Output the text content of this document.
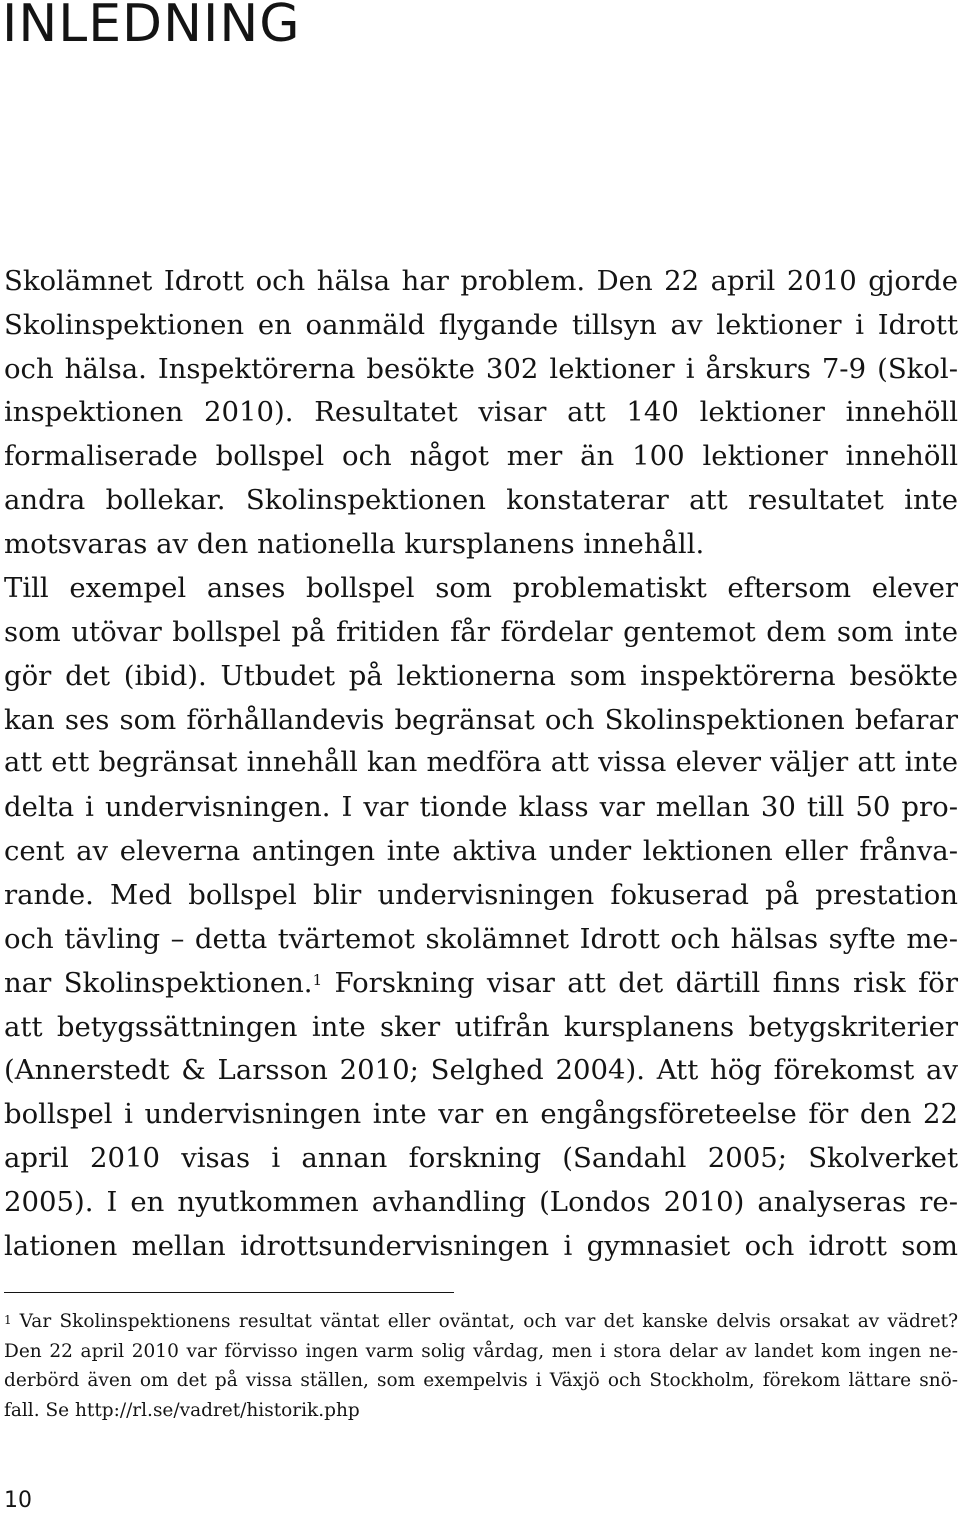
INLEDNING
Skolämnet Idrott och hälsa har problem. Den 22 april 2010 gjorde
Skolinspektionen en oanmäld flygande tillsyn av lektioner i Idrott
och hälsa. Inspektörerna besökte 302 lektioner i årskurs 7-9 (Skol-
inspektionen 2010). Resultatet visar att 140 lektioner innehöll
formaliserade bollspel och något mer än 100 lektioner innehöll
andra bollekar. Skolinspektionen konstaterar att resultatet inte
motsvaras av den nationella kursplanens innehåll.
Till exempel anses bollspel som problematiskt eftersom elever
som utövar bollspel på fritiden får fördelar gentemot dem som inte
gör det (ibid). Utbudet på lektionerna som inspektörerna besökte
kan ses som förhållandevis begränsat och Skolinspektionen befarar
att ett begränsat innehåll kan medföra att vissa elever väljer att inte
delta i undervisningen. I var tionde klass var mellan 30 till 50 pro-
cent av eleverna antingen inte aktiva under lektionen eller frånva-
rande. Med bollspel blir undervisningen fokuserad på prestation
och tävling – detta tvärtemot skolämnet Idrott och hälsas syfte me-
nar Skolinspektionen.$^1$ Forskning visar att det därtill finns risk för
att betygssättningen inte sker utifrån kursplanens betygskriterier
(Annerstedt & Larsson 2010; Selghed 2004). Att hög förekomst av
bollspel i undervisningen inte var en engångsföreteelse för den 22
april 2010 visas i annan forskning (Sandahl 2005; Skolverket
2005). I en nyutkommen avhandling (Londos 2010) analyseras re-
lationen mellan idrottsundervisningen i gymnasiet och idrott som
$^1$ Var Skolinspektionens resultat väntat eller oväntat, och var det kanske delvis orsakat av vädret?
Den 22 april 2010 var förvisso ingen varm solig vårdag, men i stora delar av landet kom ingen ne-
derbörd även om det på vissa ställen, som exempelvis i Växjö och Stockholm, förekom lättare snö-
fall. Se http://rl.se/vadret/historik.php
10
